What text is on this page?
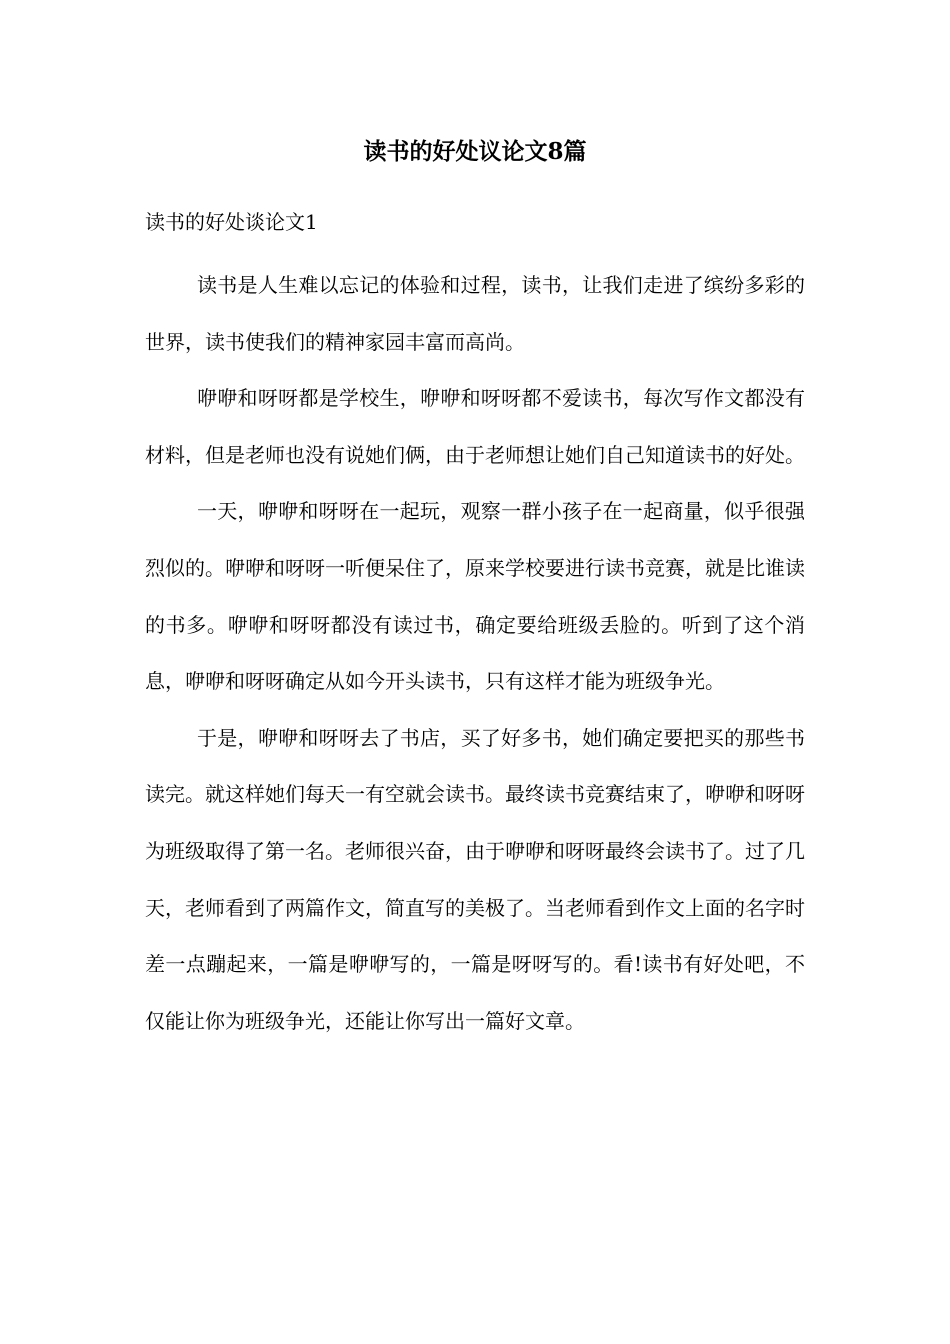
读书的好处议论文8篇
读书的好处谈论文1

读书是人生难以忘记的体验和过程，读书，让我们走进了缤纷多彩的世界，读书使我们的精神家园丰富而高尚。

咿咿和呀呀都是学校生，咿咿和呀呀都不爱读书，每次写作文都没有材料，但是老师也没有说她们俩，由于老师想让她们自己知道读书的好处。

一天，咿咿和呀呀在一起玩，观察一群小孩子在一起商量，似乎很强烈似的。咿咿和呀呀一听便呆住了，原来学校要进行读书竞赛，就是比谁读的书多。咿咿和呀呀都没有读过书，确定要给班级丢脸的。听到了这个消息，咿咿和呀呀确定从如今开头读书，只有这样才能为班级争光。

于是，咿咿和呀呀去了书店，买了好多书，她们确定要把买的那些书读完。就这样她们每天一有空就会读书。最终读书竞赛结束了，咿咿和呀呀为班级取得了第一名。老师很兴奋，由于咿咿和呀呀最终会读书了。过了几天，老师看到了两篇作文，简直写的美极了。当老师看到作文上面的名字时差一点蹦起来，一篇是咿咿写的，一篇是呀呀写的。看!读书有好处吧，不仅能让你为班级争光，还能让你写出一篇好文章。
